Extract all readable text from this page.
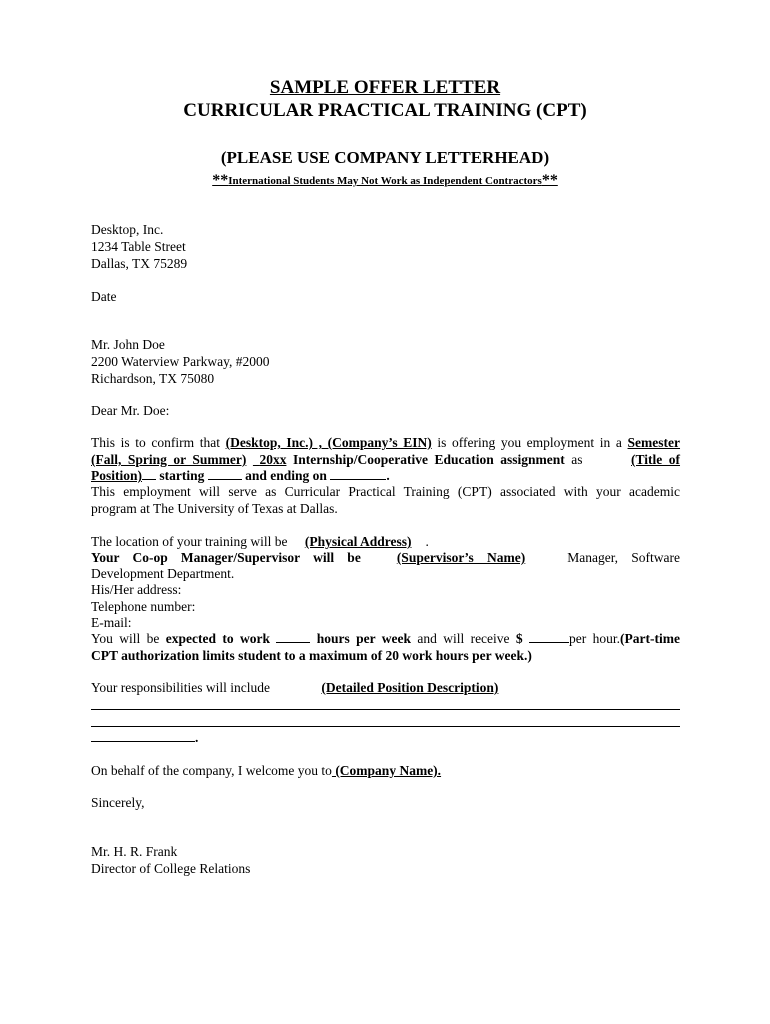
SAMPLE OFFER LETTER
CURRICULAR PRACTICAL TRAINING (CPT)
(PLEASE USE COMPANY LETTERHEAD)
**International Students May Not Work as Independent Contractors**
Desktop, Inc.
1234 Table Street
Dallas, TX 75289
Date
Mr. John Doe
2200 Waterview Parkway, #2000
Richardson, TX 75080
Dear Mr. Doe:
This is to confirm that (Desktop, Inc.) , (Company’s EIN) is offering you employment in a Semester
(Fall, Spring or Summer) 20xx Internship/Cooperative Education assignment as	(Title of
Position) starting	and ending on	.
This employment will serve as Curricular Practical Training (CPT) associated with your academic
program at The University of Texas at Dallas.
The location of your training will be (Physical Address) .
Your Co-op Manager/Supervisor will be	(Supervisor’s Name)	Manager, Software
Development Department.
His/Her address:
Telephone number:
E-mail:
You will be expected to work	hours per week and will receive $	per hour.(Part-time
CPT authorization limits student to a maximum of 20 work hours per week.)
Your responsibilities will include	(Detailed Position Description)
.
On behalf of the company, I welcome you to (Company Name).
Sincerely,
Mr. H. R. Frank
Director of College Relations
